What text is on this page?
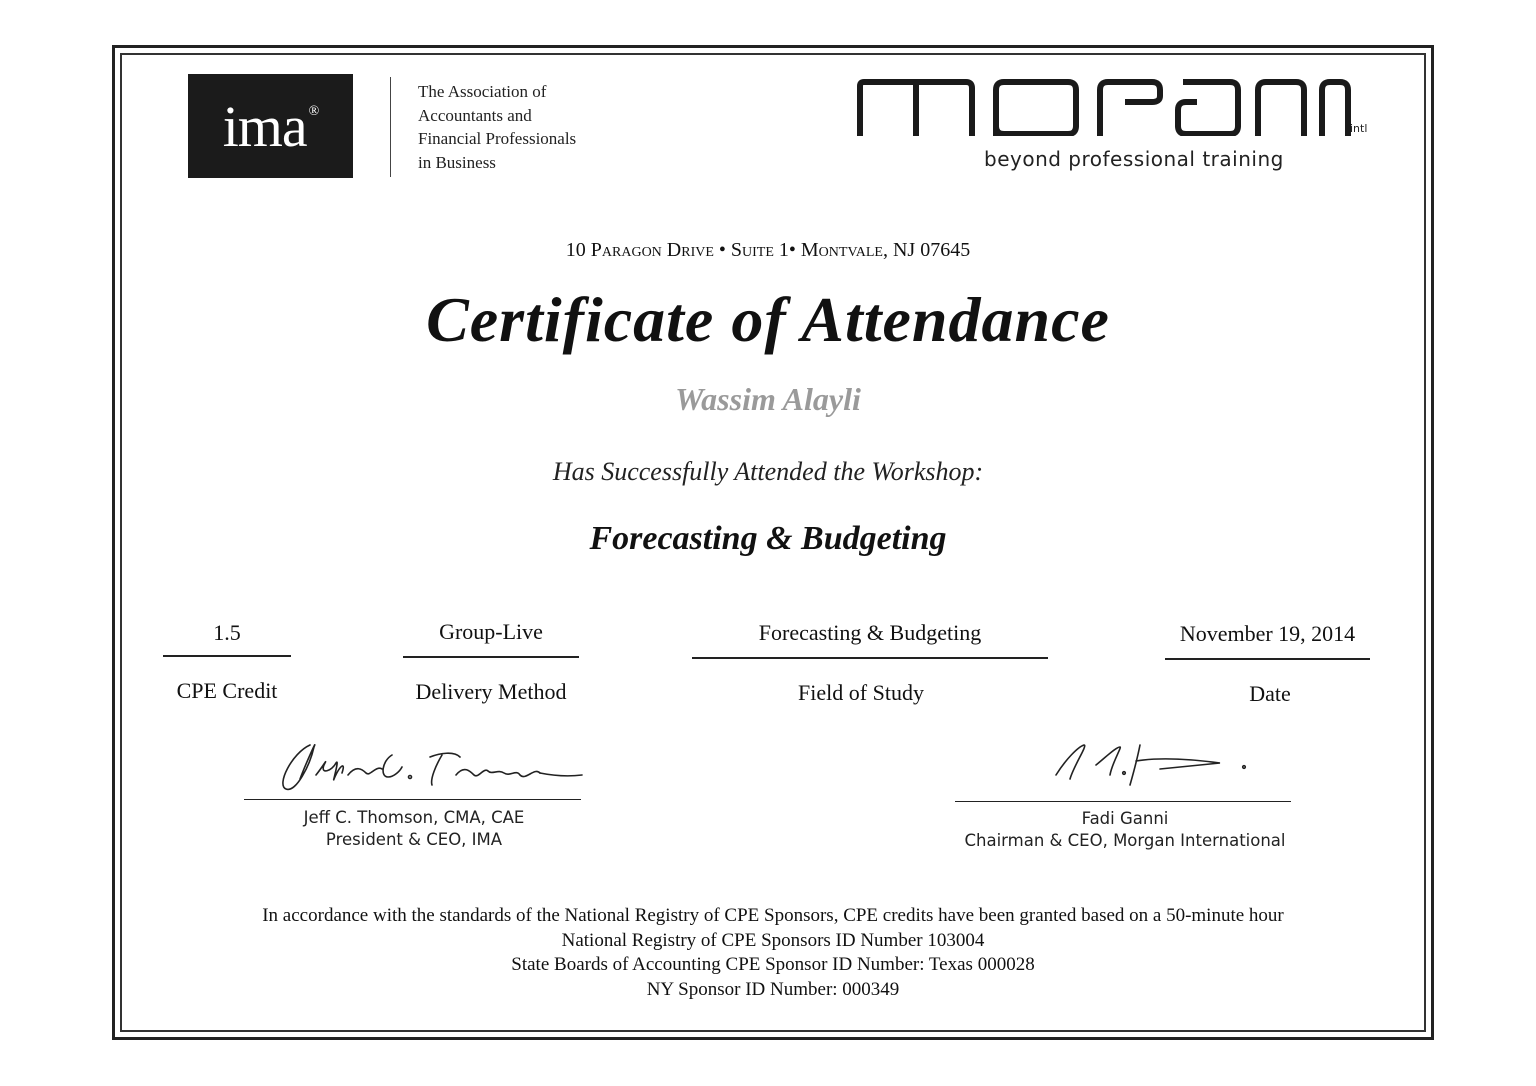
ima®
The Association of
Accountants and
Financial Professionals
in Business
intl
beyond professional training
10 Paragon Drive • Suite 1• Montvale, NJ 07645
Certificate of Attendance
Wassim Alayli
Has Successfully Attended the Workshop:
Forecasting & Budgeting
1.5
CPE Credit
Group-Live
Delivery Method
Forecasting & Budgeting
Field of Study
November 19, 2014
Date
Jeff C. Thomson, CMA, CAE
President & CEO, IMA
Fadi Ganni
Chairman & CEO, Morgan International
In accordance with the standards of the National Registry of CPE Sponsors, CPE credits have been granted based on a 50-minute hour
National Registry of CPE Sponsors ID Number 103004
State Boards of Accounting CPE Sponsor ID Number: Texas 000028
NY Sponsor ID Number: 000349
